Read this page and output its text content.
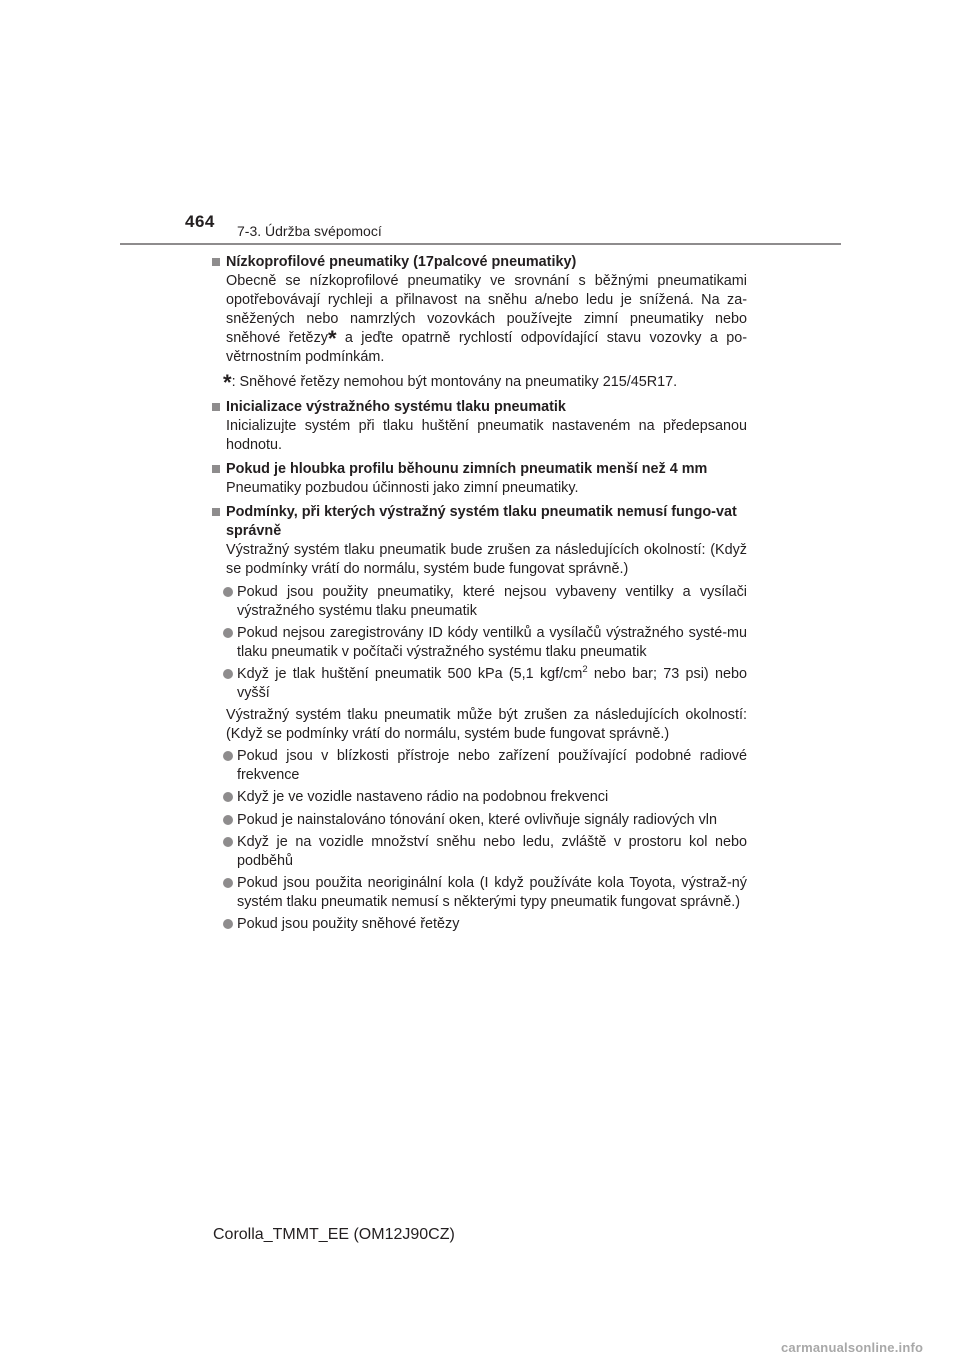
464 7-3. Údržba svépomocí
Nízkoprofilové pneumatiky (17palcové pneumatiky)
Obecně se nízkoprofilové pneumatiky ve srovnání s běžnými pneumatikami opotřebovávají rychleji a přilnavost na sněhu a/nebo ledu je snížená. Na za-sněžených nebo namrzlých vozovkách používejte zimní pneumatiky nebo sněhové řetězy* a jeďte opatrně rychlostí odpovídající stavu vozovky a po-větrnostním podmínkám.
*: Sněhové řetězy nemohou být montovány na pneumatiky 215/45R17.
Inicializace výstražného systému tlaku pneumatik
Inicializujte systém při tlaku huštění pneumatik nastaveném na předepsanou hodnotu.
Pokud je hloubka profilu běhounu zimních pneumatik menší než 4 mm
Pneumatiky pozbudou účinnosti jako zimní pneumatiky.
Podmínky, při kterých výstražný systém tlaku pneumatik nemusí fungo-vat správně
Výstražný systém tlaku pneumatik bude zrušen za následujících okolností: (Když se podmínky vrátí do normálu, systém bude fungovat správně.)
Pokud jsou použity pneumatiky, které nejsou vybaveny ventilky a vysílači výstražného systému tlaku pneumatik
Pokud nejsou zaregistrovány ID kódy ventilků a vysílačů výstražného systé-mu tlaku pneumatik v počítači výstražného systému tlaku pneumatik
Když je tlak huštění pneumatik 500 kPa (5,1 kgf/$cm^2$ nebo bar; 73 psi) nebo vyšší
Výstražný systém tlaku pneumatik může být zrušen za následujících okolností: (Když se podmínky vrátí do normálu, systém bude fungovat správně.)
Pokud jsou v blízkosti přístroje nebo zařízení používající podobné radiové frekvence
Když je ve vozidle nastaveno rádio na podobnou frekvenci
Pokud je nainstalováno tónování oken, které ovlivňuje signály radiových vln
Když je na vozidle množství sněhu nebo ledu, zvláště v prostoru kol nebo podběhů
Pokud jsou použita neoriginální kola (I když používáte kola Toyota, výstraž-ný systém tlaku pneumatik nemusí s některými typy pneumatik fungovat správně.)
Pokud jsou použity sněhové řetězy
Corolla_TMMT_EE (OM12J90CZ)
carmanualsonline.info
